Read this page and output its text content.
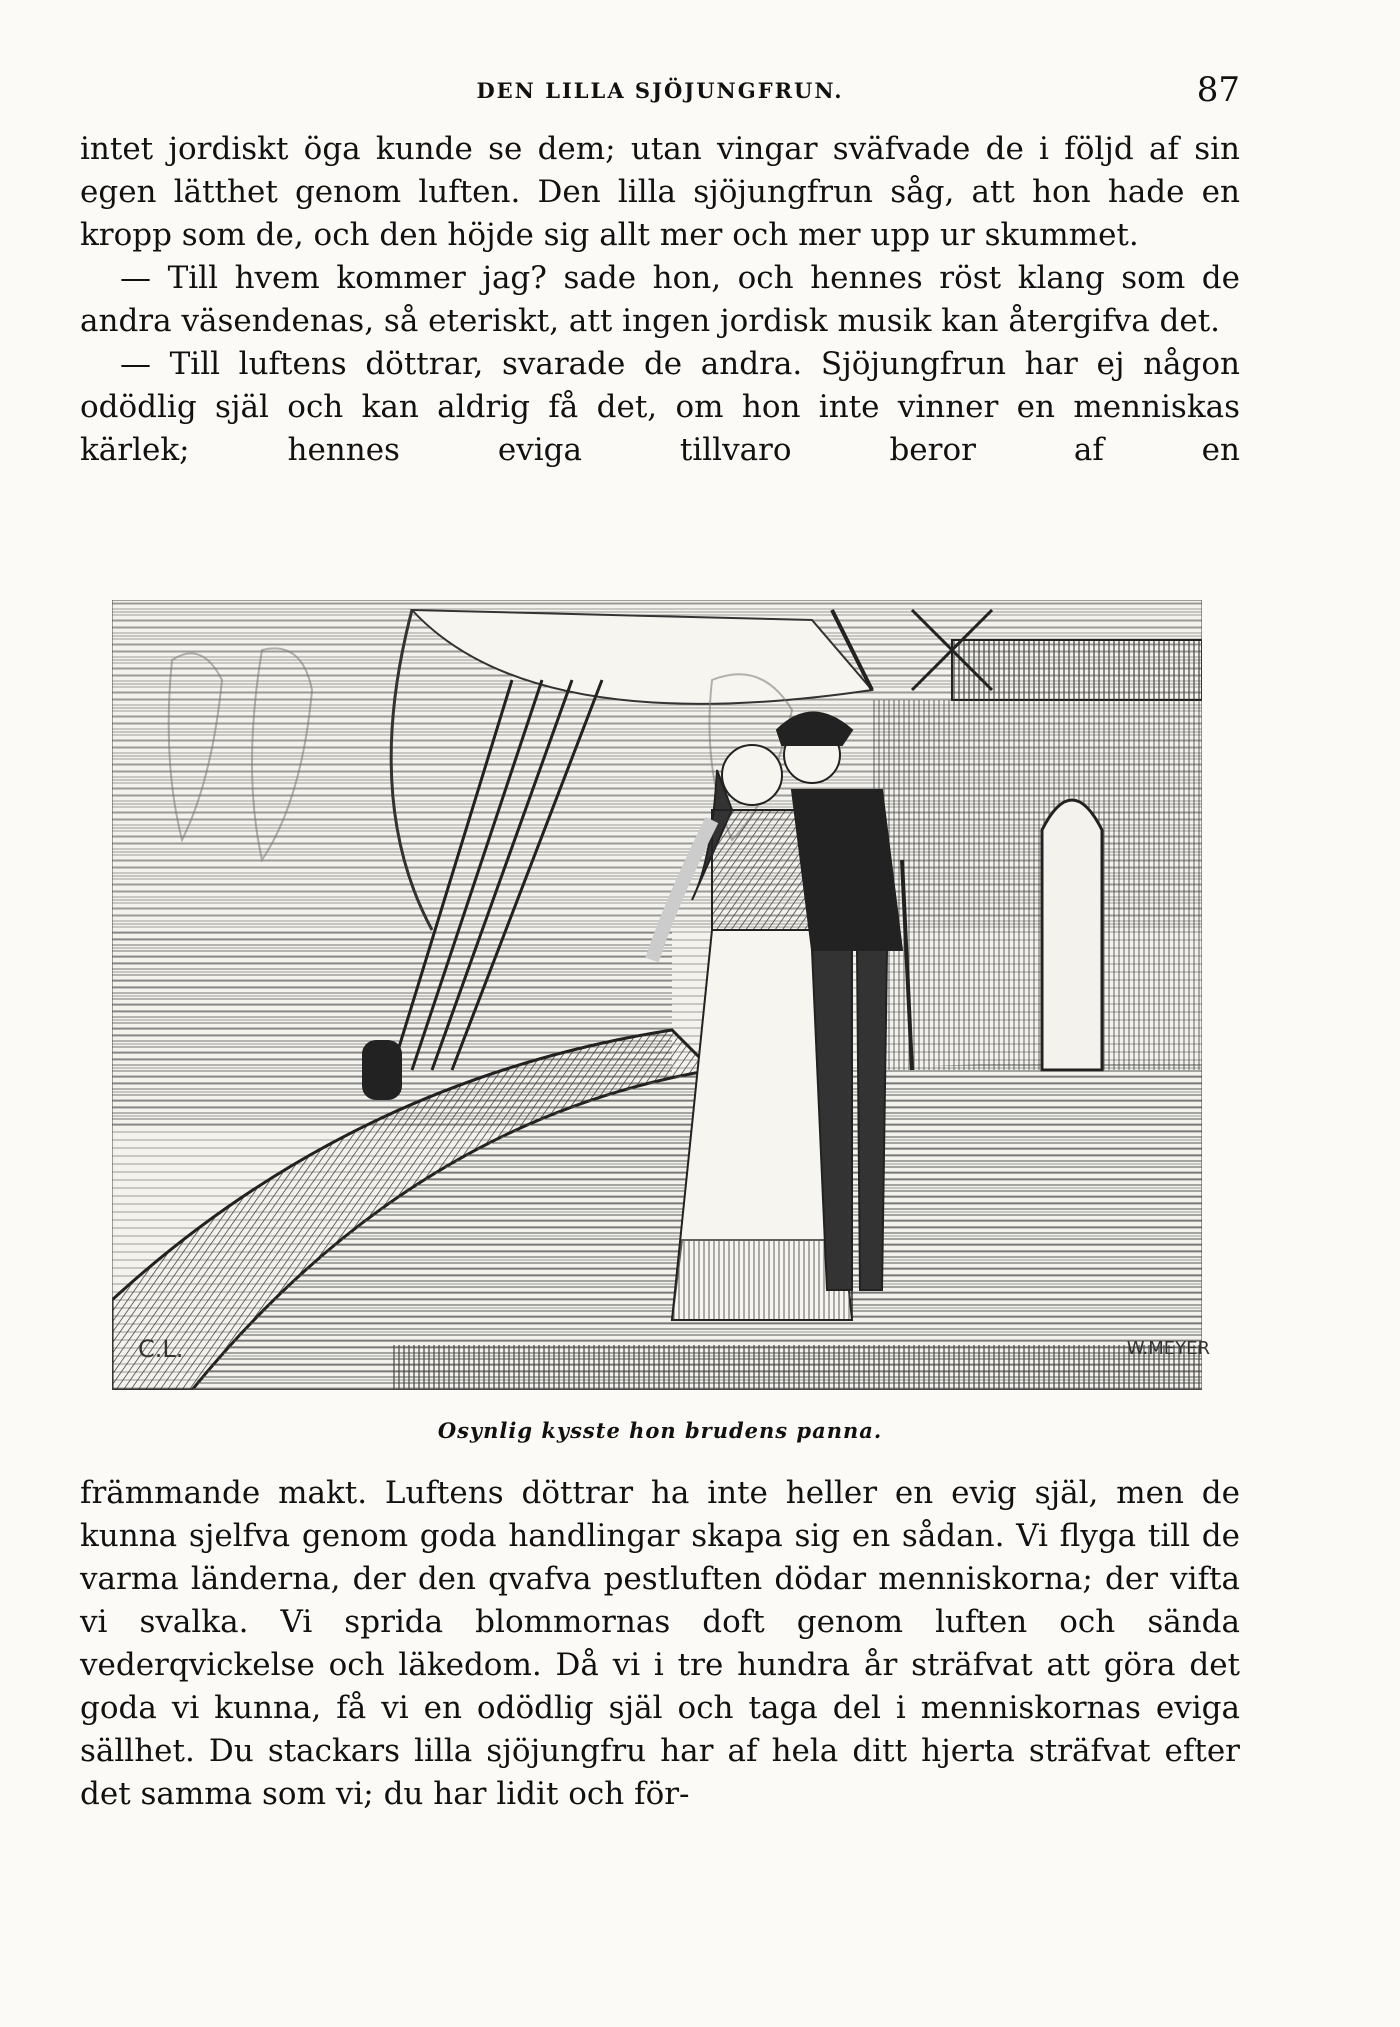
DEN LILLA SJÖJUNGFRUN.	87

intet jordiskt öga kunde se dem; utan vingar sväfvade de i följd af sin egen lätthet genom luften. Den lilla sjöjungfrun såg, att hon hade en kropp som de, och den höjde sig allt mer och mer upp ur skummet.

— Till hvem kommer jag? sade hon, och hennes röst klang som de andra väsendenas, så eteriskt, att ingen jordisk musik kan återgifva det.

— Till luftens döttrar, svarade de andra. Sjöjungfrun har ej någon odödlig själ och kan aldrig få det, om hon inte vinner en menniskas kärlek; hennes eviga tillvaro beror af en

C.L.	W.MEYER
Osynlig kysste hon brudens panna.

främmande makt. Luftens döttrar ha inte heller en evig själ, men de kunna sjelfva genom goda handlingar skapa sig en sådan. Vi flyga till de varma länderna, der den qvafva pestluften dödar menniskorna; der vifta vi svalka. Vi sprida blommornas doft genom luften och sända vederqvickelse och läkedom. Då vi i tre hundra år sträfvat att göra det goda vi kunna, få vi en odödlig själ och taga del i menniskornas eviga sällhet. Du stackars lilla sjöjungfru har af hela ditt hjerta sträfvat efter det samma som vi; du har lidit och för-
